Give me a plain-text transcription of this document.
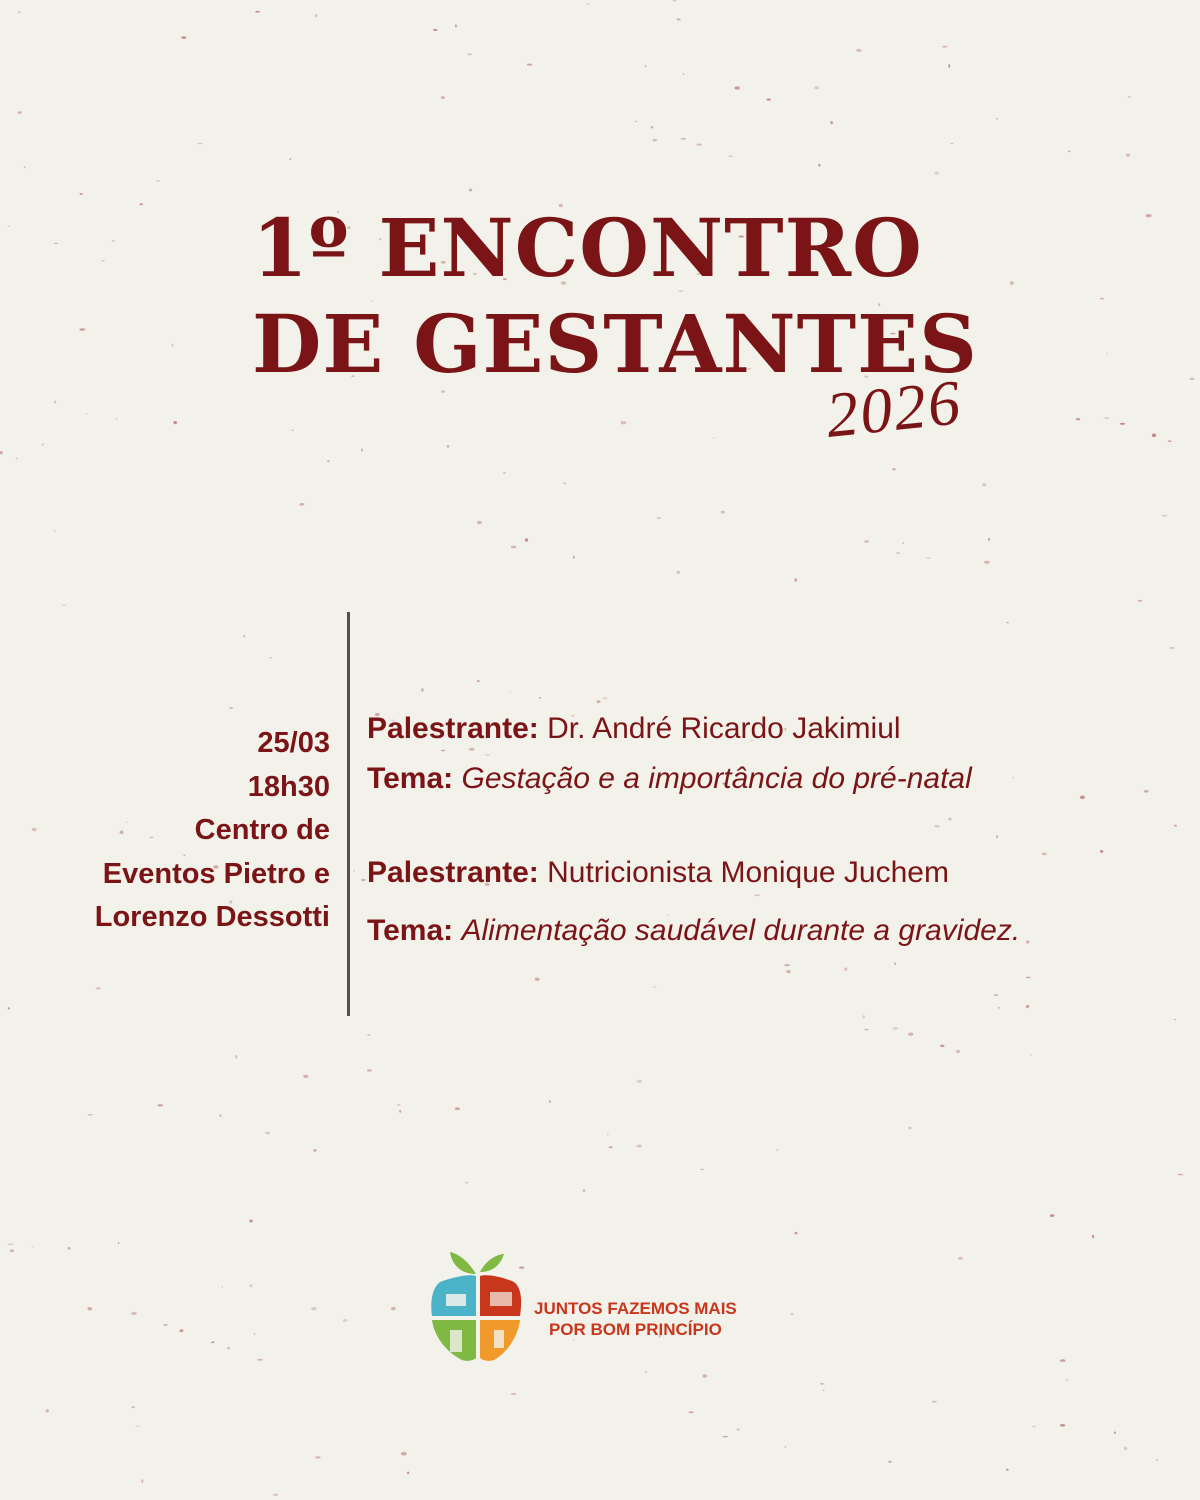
1º ENCONTRO
DE GESTANTES
2026
25/03
18h30
Centro de
Eventos Pietro e
Lorenzo Dessotti
Palestrante: Dr. André Ricardo Jakimiul
Tema: Gestação e a importância do pré-natal
Palestrante: Nutricionista Monique Juchem
Tema: Alimentação saudável durante a gravidez.
JUNTOS FAZEMOS MAIS
POR BOM PRINCÍPIO
